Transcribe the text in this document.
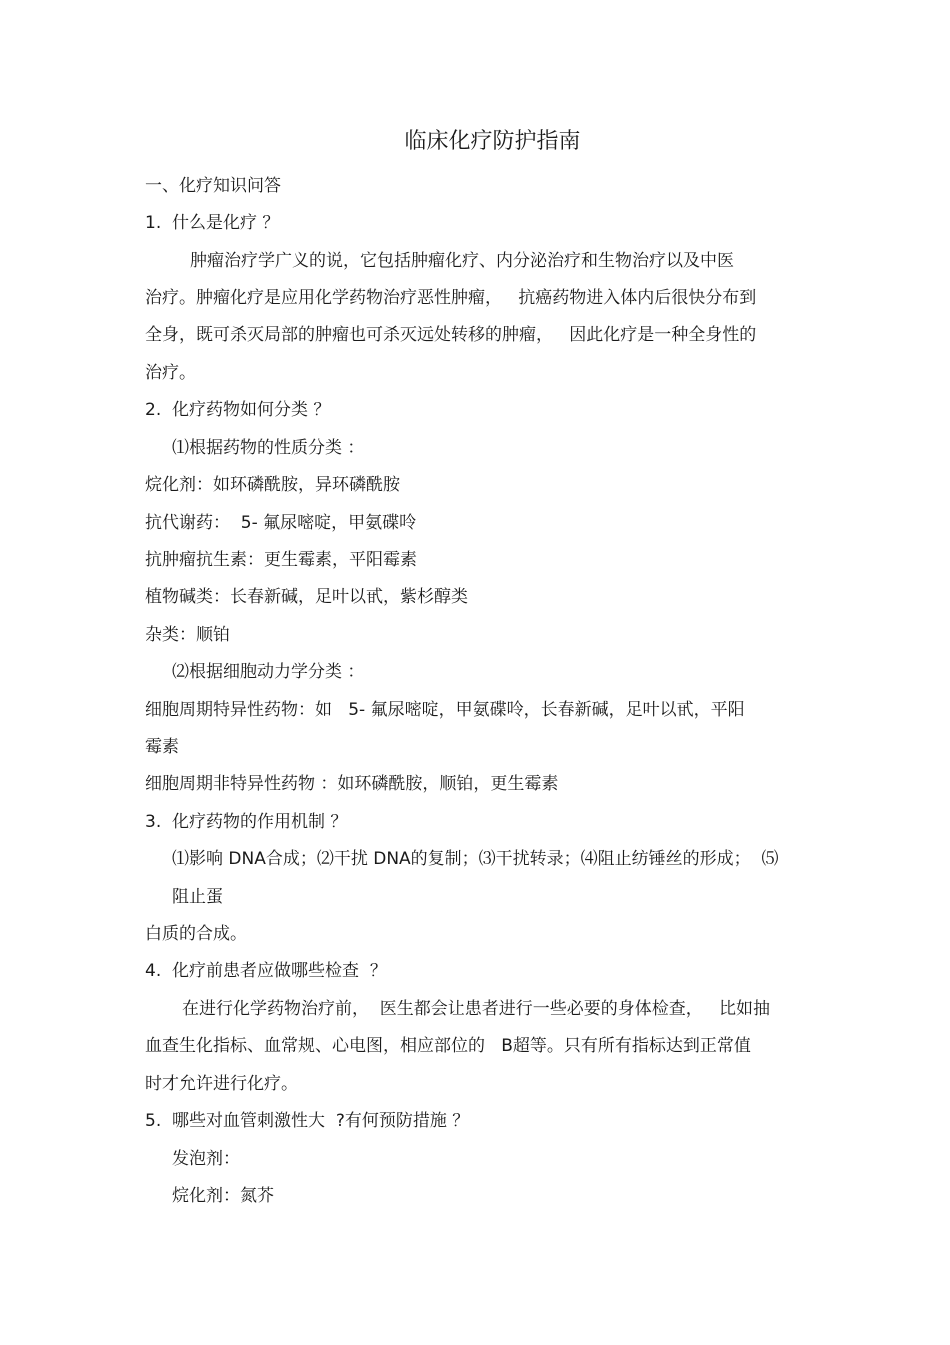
临床化疗防护指南
一、化疗知识问答
1.  什么是化疗 ？
肿瘤治疗学广义的说，它包括肿瘤化疗、内分泌治疗和生物治疗以及中医
治疗。肿瘤化疗是应用化学药物治疗恶性肿瘤，   抗癌药物进入体内后很快分布到
全身，既可杀灭局部的肿瘤也可杀灭远处转移的肿瘤，   因此化疗是一种全身性的
治疗。
2.  化疗药物如何分类 ？
⑴根据药物的性质分类 ：
烷化剂：如环磷酰胺，异环磷酰胺
抗代谢药：  5- 氟尿嘧啶，甲氨碟呤
抗肿瘤抗生素：更生霉素，平阳霉素
植物碱类：长春新碱，足叶以甙，紫杉醇类
杂类：顺铂
⑵根据细胞动力学分类 ：
细胞周期特异性药物：如   5- 氟尿嘧啶，甲氨碟呤，长春新碱，足叶以甙，平阳
霉素
细胞周期非特异性药物 ：如环磷酰胺，顺铂，更生霉素
3.  化疗药物的作用机制 ？
⑴影响 DNA合成；⑵干扰 DNA的复制；⑶干扰转录；⑷阻止纺锤丝的形成；  ⑸
阻止蛋
白质的合成。
4.  化疗前患者应做哪些检查  ？
在进行化学药物治疗前，  医生都会让患者进行一些必要的身体检查，   比如抽
血查生化指标、血常规、心电图，相应部位的   B超等。只有所有指标达到正常值
时才允许进行化疗。
5.  哪些对血管刺激性大  ?有何预防措施 ？
发泡剂：
烷化剂：氮芥
